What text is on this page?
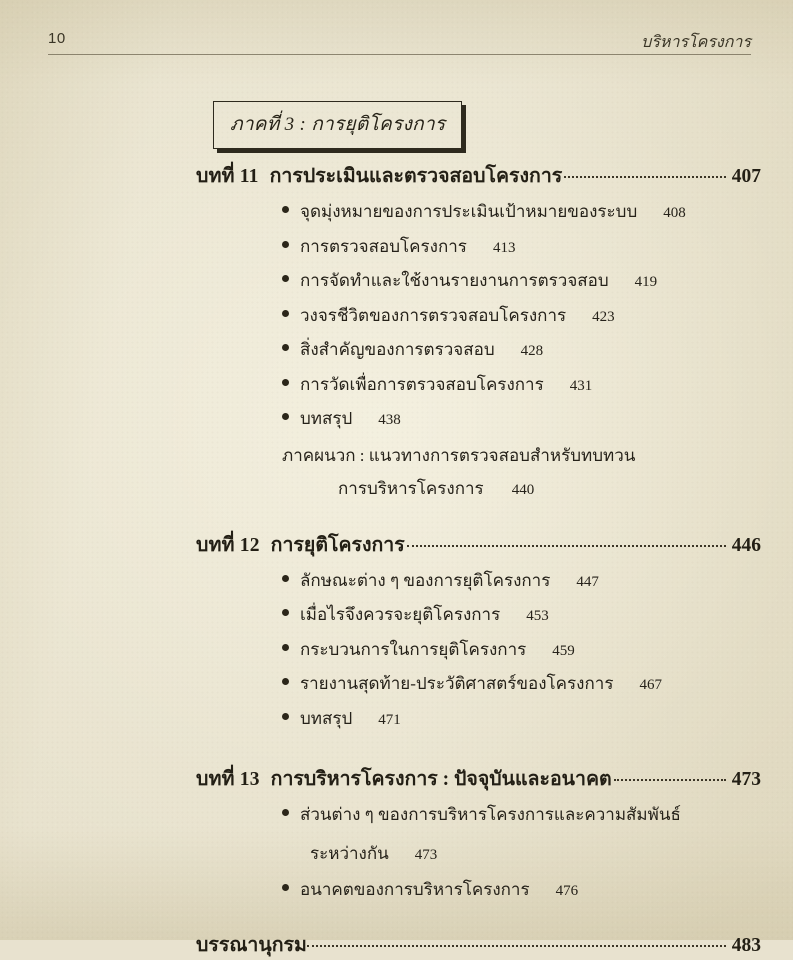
10	บริหารโครงการ
ภาคที่ 3 : การยุติโครงการ
บทที่ 11 การประเมินและตรวจสอบโครงการ	407
จุดมุ่งหมายของการประเมินเป้าหมายของระบบ	408
การตรวจสอบโครงการ	413
การจัดทำและใช้งานรายงานการตรวจสอบ	419
วงจรชีวิตของการตรวจสอบโครงการ	423
สิ่งสำคัญของการตรวจสอบ	428
การวัดเพื่อการตรวจสอบโครงการ	431
บทสรุป	438
ภาคผนวก : แนวทางการตรวจสอบสำหรับทบทวน
การบริหารโครงการ	440
บทที่ 12 การยุติโครงการ	446
ลักษณะต่าง ๆ ของการยุติโครงการ	447
เมื่อไรจึงควรจะยุติโครงการ	453
กระบวนการในการยุติโครงการ	459
รายงานสุดท้าย-ประวัติศาสตร์ของโครงการ	467
บทสรุป	471
บทที่ 13 การบริหารโครงการ : ปัจจุบันและอนาคต	473
ส่วนต่าง ๆ ของการบริหารโครงการและความสัมพันธ์
ระหว่างกัน	473
อนาคตของการบริหารโครงการ	476
บรรณานุกรม	483
